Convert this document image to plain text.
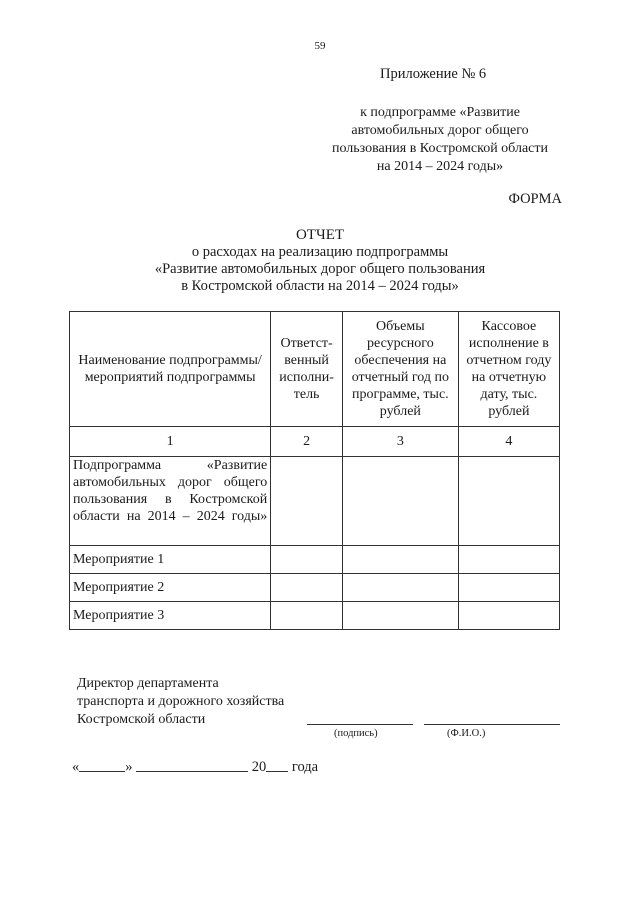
59
Приложение № 6
к подпрограмме «Развитие
автомобильных дорог общего
пользования в Костромской области
на 2014 – 2024 годы»
ФОРМА
ОТЧЕТ
о расходах на реализацию подпрограммы
«Развитие автомобильных дорог общего пользования
в Костромской области на 2014 – 2024 годы»
Наименование подпрограммы/мероприятий подпрограммы	Ответст-венный исполни-тель	Объемы ресурсного обеспечения на отчетный год по программе, тыс. рублей	Кассовое исполнение в отчетном году на отчетную дату, тыс. рублей
1	2	3	4
Подпрограмма «Развитие автомобильных дорог общего пользования в Костромской области на 2014 – 2024 годы»			
Мероприятие 1			
Мероприятие 2			
Мероприятие 3			
Директор департамента
транспорта и дорожного хозяйства
Костромской области
(подпись)	(Ф.И.О.)
«	»	20 года
